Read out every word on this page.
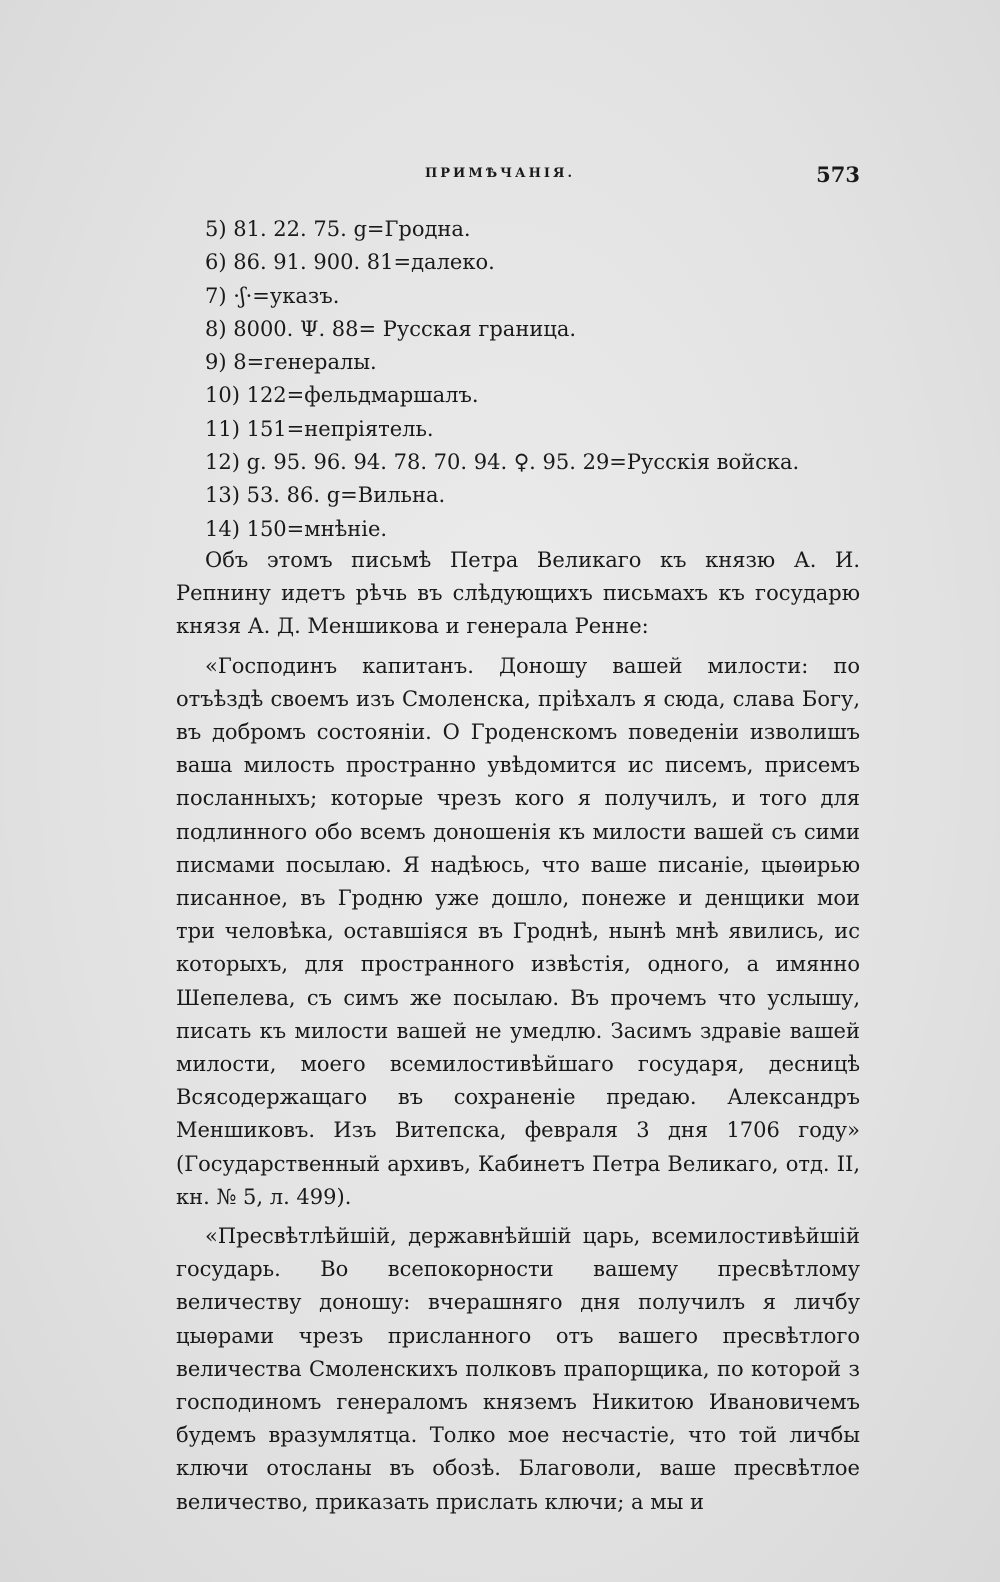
ПРИМѢЧАНІЯ.	573
5) 81. 22. 75. g=Гродна.
6) 86. 91. 900. 81=далеко.
7) ·ʃ·=указъ.
8) 8000. Ψ. 88= Русская граница.
9) 8=генералы.
10) 122=фельдмаршалъ.
11) 151=непріятель.
12) g. 95. 96. 94. 78. 70. 94. ♀. 95. 29=Русскія войска.
13) 53. 86. g=Вильна.
14) 150=мнѣніе.

Объ этомъ письмѣ Петра Великаго къ князю А. И. Репнину идетъ рѣчь въ слѣдующихъ письмахъ къ государю князя А. Д. Меншикова и генерала Ренне:

«Господинъ капитанъ. Доношу вашей милости: по отъѣздѣ своемъ изъ Смоленска, пріѣхалъ я сюда, слава Богу, въ добромъ состояніи. О Гроденскомъ поведеніи изволишъ ваша милость пространно увѣдомится ис писемъ, присемъ посланныхъ; которые чрезъ кого я получилъ, и того для подлинного обо всемъ доношенія къ милости вашей съ сими писмами посылаю. Я надѣюсь, что ваше писаніе, цыѳирью писанное, въ Гродню уже дошло, понеже и денщики мои три человѣка, оставшіяся въ Гроднѣ, нынѣ мнѣ явились, ис которыхъ, для пространного извѣстія, одного, а имянно Шепелева, съ симъ же посылаю. Въ прочемъ что услышу, писать къ милости вашей не умедлю. Засимъ здравіе вашей милости, моего всемилостивѣйшаго государя, десницѣ Всясодержащаго въ сохраненіе предаю. Александръ Меншиковъ. Изъ Витепска, февраля 3 дня 1706 году» (Государственный архивъ, Кабинетъ Петра Великаго, отд. II, кн. № 5, л. 499).

«Пресвѣтлѣйшій, державнѣйшій царь, всемилостивѣйшій государь. Во всепокорности вашему пресвѣтлому величеству доношу: вчерашняго дня получилъ я личбу цыѳрами чрезъ присланного отъ вашего пресвѣтлого величества Смоленскихъ полковъ прапорщика, по которой з господиномъ генераломъ княземъ Никитою Ивановичемъ будемъ вразумлятца. Толко мое несчастіе, что той личбы ключи отосланы въ обозѣ. Благоволи, ваше пресвѣтлое величество, приказать прислать ключи; а мы и
